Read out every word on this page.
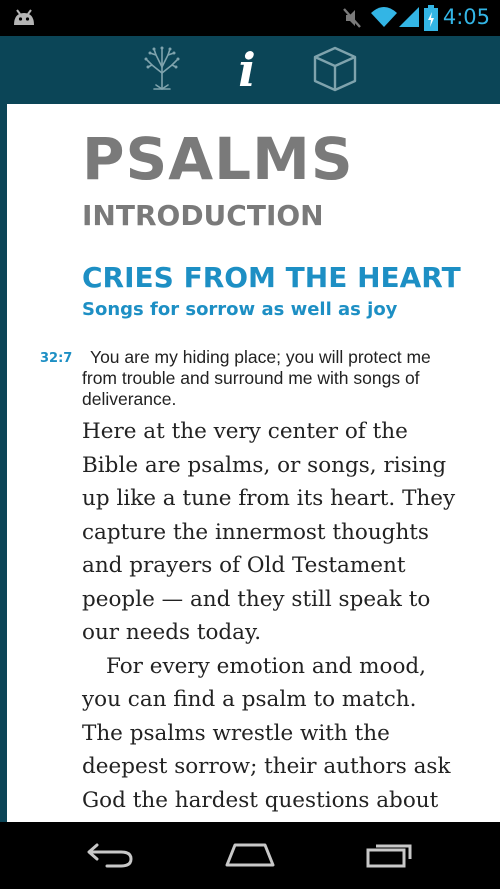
4:05
i
PSALMS
INTRODUCTION
CRIES FROM THE HEART
Songs for sorrow as well as joy
32:7	You are my hiding place; you will protect me from trouble and surround me with songs of deliverance.

Here at the very center of the Bible are psalms, or songs, rising up like a tune from its heart. They capture the innermost thoughts and prayers of Old Testament people — and they still speak to our needs today.

For every emotion and mood, you can find a psalm to match. The psalms wrestle with the deepest sorrow; their authors ask God the hardest questions about
